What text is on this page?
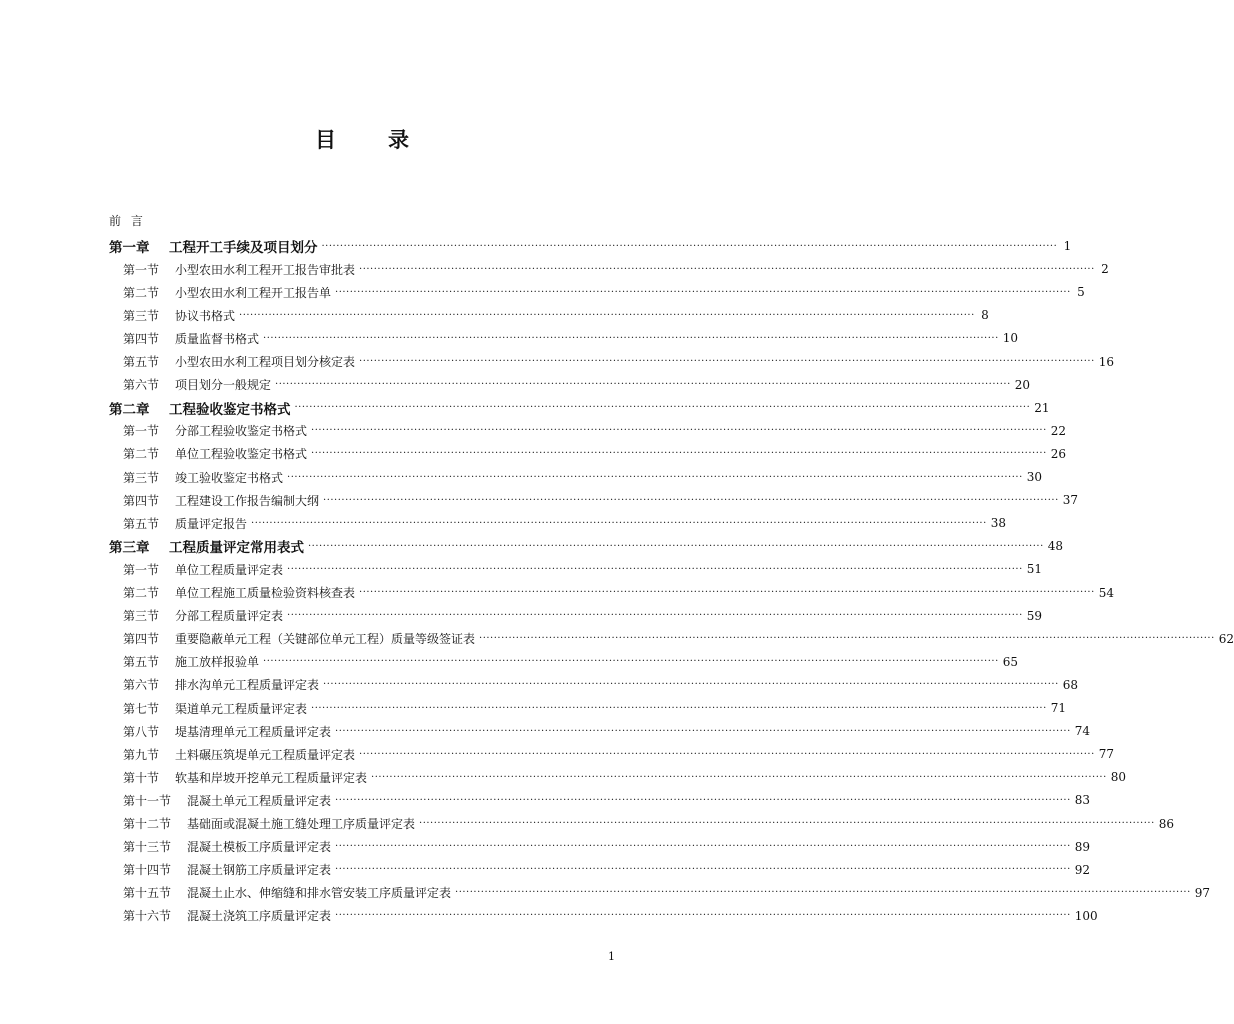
目 录
前 言
第一章	工程开工手续及项目划分 ········································································································································································································ 1
第一节	小型农田水利工程开工报告审批表 ········································································································································································································ 2
第二节	小型农田水利工程开工报告单 ········································································································································································································ 5
第三节	协议书格式 ········································································································································································································ 8
第四节	质量监督书格式 ········································································································································································································ 10
第五节	小型农田水利工程项目划分核定表 ········································································································································································································ 16
第六节	项目划分一般规定 ········································································································································································································ 20
第二章	工程验收鉴定书格式 ········································································································································································································ 21
第一节	分部工程验收鉴定书格式 ········································································································································································································ 22
第二节	单位工程验收鉴定书格式 ········································································································································································································ 26
第三节	竣工验收鉴定书格式 ········································································································································································································ 30
第四节	工程建设工作报告编制大纲 ········································································································································································································ 37
第五节	质量评定报告 ········································································································································································································ 38
第三章	工程质量评定常用表式 ········································································································································································································ 48
第一节	单位工程质量评定表 ········································································································································································································ 51
第二节	单位工程施工质量检验资料核查表 ········································································································································································································ 54
第三节	分部工程质量评定表 ········································································································································································································ 59
第四节	重要隐蔽单元工程（关键部位单元工程）质量等级签证表 ········································································································································································································ 62
第五节	施工放样报验单 ········································································································································································································ 65
第六节	排水沟单元工程质量评定表 ········································································································································································································ 68
第七节	渠道单元工程质量评定表 ········································································································································································································ 71
第八节	堤基清理单元工程质量评定表 ········································································································································································································ 74
第九节	土料碾压筑堤单元工程质量评定表 ········································································································································································································ 77
第十节	软基和岸坡开挖单元工程质量评定表 ········································································································································································································ 80
第十一节	混凝土单元工程质量评定表 ········································································································································································································ 83
第十二节	基础面或混凝土施工缝处理工序质量评定表 ········································································································································································································ 86
第十三节	混凝土模板工序质量评定表 ········································································································································································································ 89
第十四节	混凝土钢筋工序质量评定表 ········································································································································································································ 92
第十五节	混凝土止水、伸缩缝和排水管安装工序质量评定表 ········································································································································································································ 97
第十六节	混凝土浇筑工序质量评定表 ········································································································································································································ 100
1
